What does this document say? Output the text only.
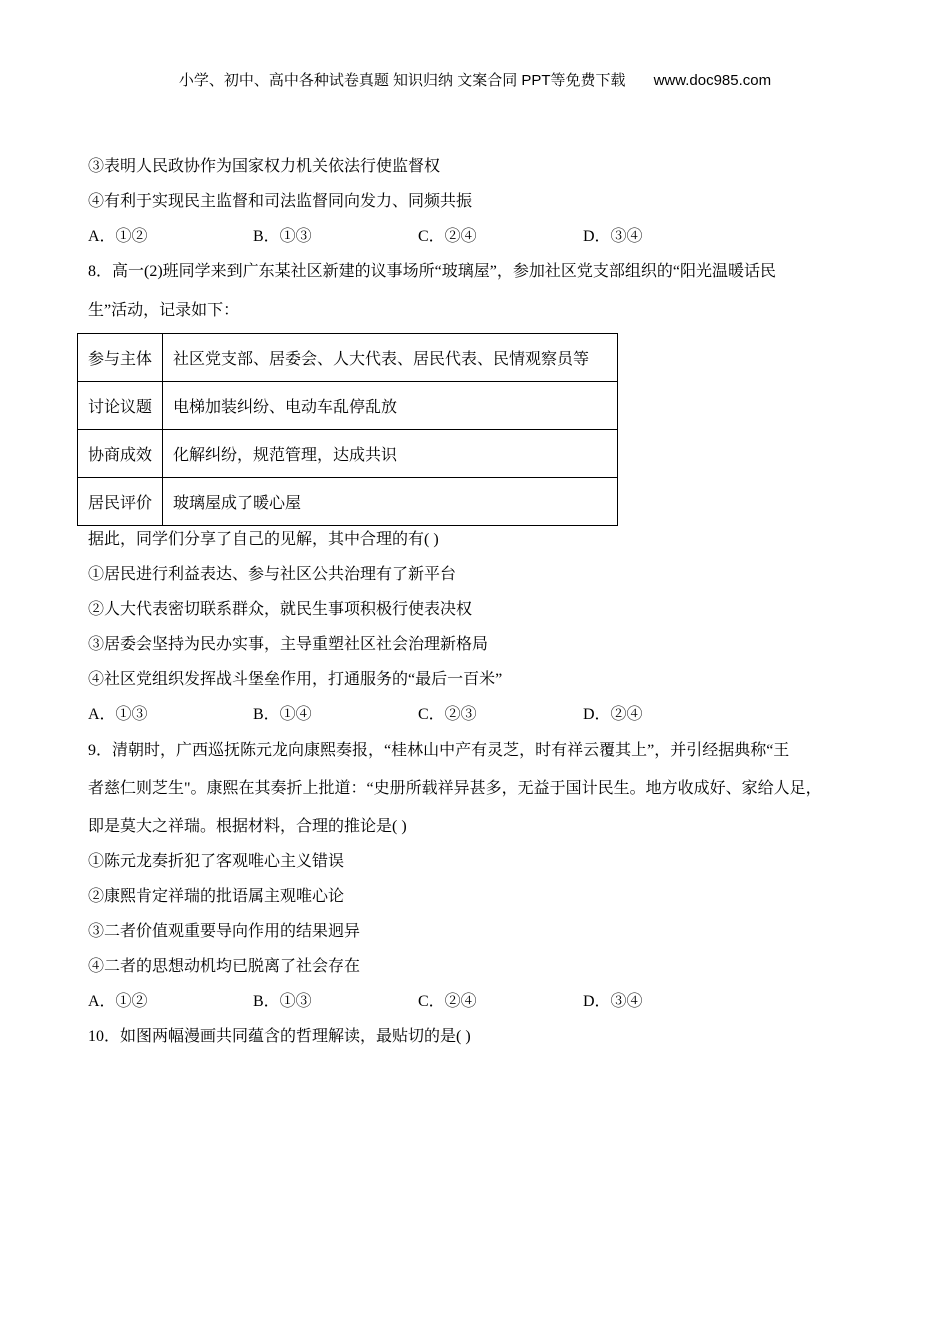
小学、初中、高中各种试卷真题 知识归纳 文案合同 PPT等免费下载 www.doc985.com
③表明人民政协作为国家权力机关依法行使监督权
④有利于实现民主监督和司法监督同向发力、同频共振
A．①②	B．①③	C．②④	D．③④
8．高一(2)班同学来到广东某社区新建的议事场所“玻璃屋”，参加社区党支部组织的“阳光温暖话民
生”活动，记录如下：
参与主体	社区党支部、居委会、人大代表、居民代表、民情观察员等
讨论议题	电梯加装纠纷、电动车乱停乱放
协商成效	化解纠纷，规范管理，达成共识
居民评价	玻璃屋成了暖心屋
据此，同学们分享了自己的见解，其中合理的有( )
①居民进行利益表达、参与社区公共治理有了新平台
②人大代表密切联系群众，就民生事项积极行使表决权
③居委会坚持为民办实事，主导重塑社区社会治理新格局
④社区党组织发挥战斗堡垒作用，打通服务的“最后一百米”
A．①③	B．①④	C．②③	D．②④
9．清朝时，广西巡抚陈元龙向康熙奏报，“桂林山中产有灵芝，时有祥云覆其上”，并引经据典称“王
者慈仁则芝生"。康熙在其奏折上批道：“史册所载祥异甚多，无益于国计民生。地方收成好、家给人足，
即是莫大之祥瑞。根据材料，合理的推论是( )
①陈元龙奏折犯了客观唯心主义错误
②康熙肯定祥瑞的批语属主观唯心论
③二者价值观重要导向作用的结果迥异
④二者的思想动机均已脱离了社会存在
A．①②	B．①③	C．②④	D．③④
10．如图两幅漫画共同蕴含的哲理解读，最贴切的是( )
